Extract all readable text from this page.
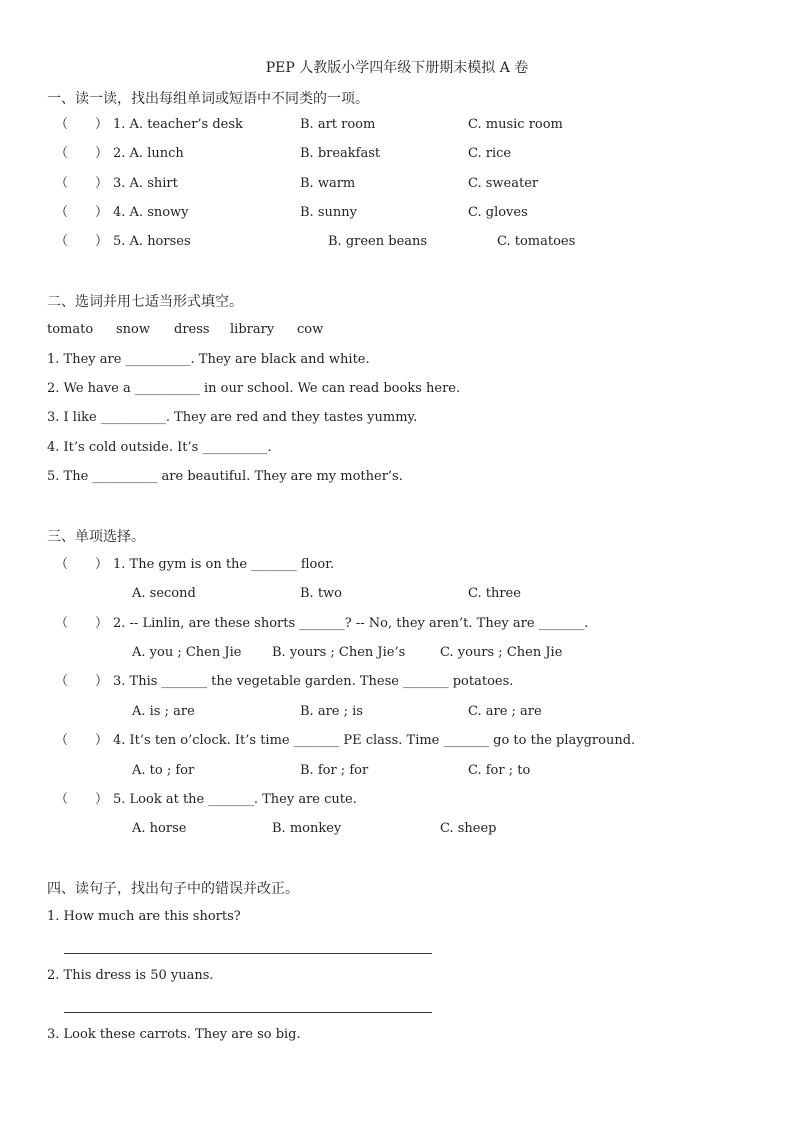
PEP 人教版小学四年级下册期末模拟 A 卷
一、读一读，找出每组单词或短语中不同类的一项。
（ ） 1. A. teacher’s desk	B. art room	C. music room
（ ） 2. A. lunch	B. breakfast	C. rice
（ ） 3. A. shirt	B. warm	C. sweater
（ ） 4. A. snowy	B. sunny	C. gloves
（ ） 5. A. horses	B. green beans	C. tomatoes
二、选词并用七适当形式填空。
tomato snow dress library cow
1. They are __________. They are black and white.
2. We have a __________ in our school. We can read books here.
3. I like __________. They are red and they tastes yummy.
4. It’s cold outside. It’s __________.
5. The __________ are beautiful. They are my mother’s.
三、单项选择。
（ ） 1. The gym is on the _______ floor.
A. second	B. two	C. three
（ ） 2. -- Linlin, are these shorts _______? -- No, they aren’t. They are _______.
A. you ; Chen Jie B. yours ; Chen Jie’s	C. yours ; Chen Jie
（ ） 3. This _______ the vegetable garden. These _______ potatoes.
A. is ; are	B. are ; is	C. are ; are
（ ） 4. It’s ten o’clock. It’s time _______ PE class. Time _______ go to the playground.
A. to ; for	B. for ; for	C. for ; to
（ ） 5. Look at the _______. They are cute.
A. horse	B. monkey	C. sheep
四、读句子，找出句子中的错误并改正。
1. How much are this shorts?
2. This dress is 50 yuans.
3. Look these carrots. They are so big.
